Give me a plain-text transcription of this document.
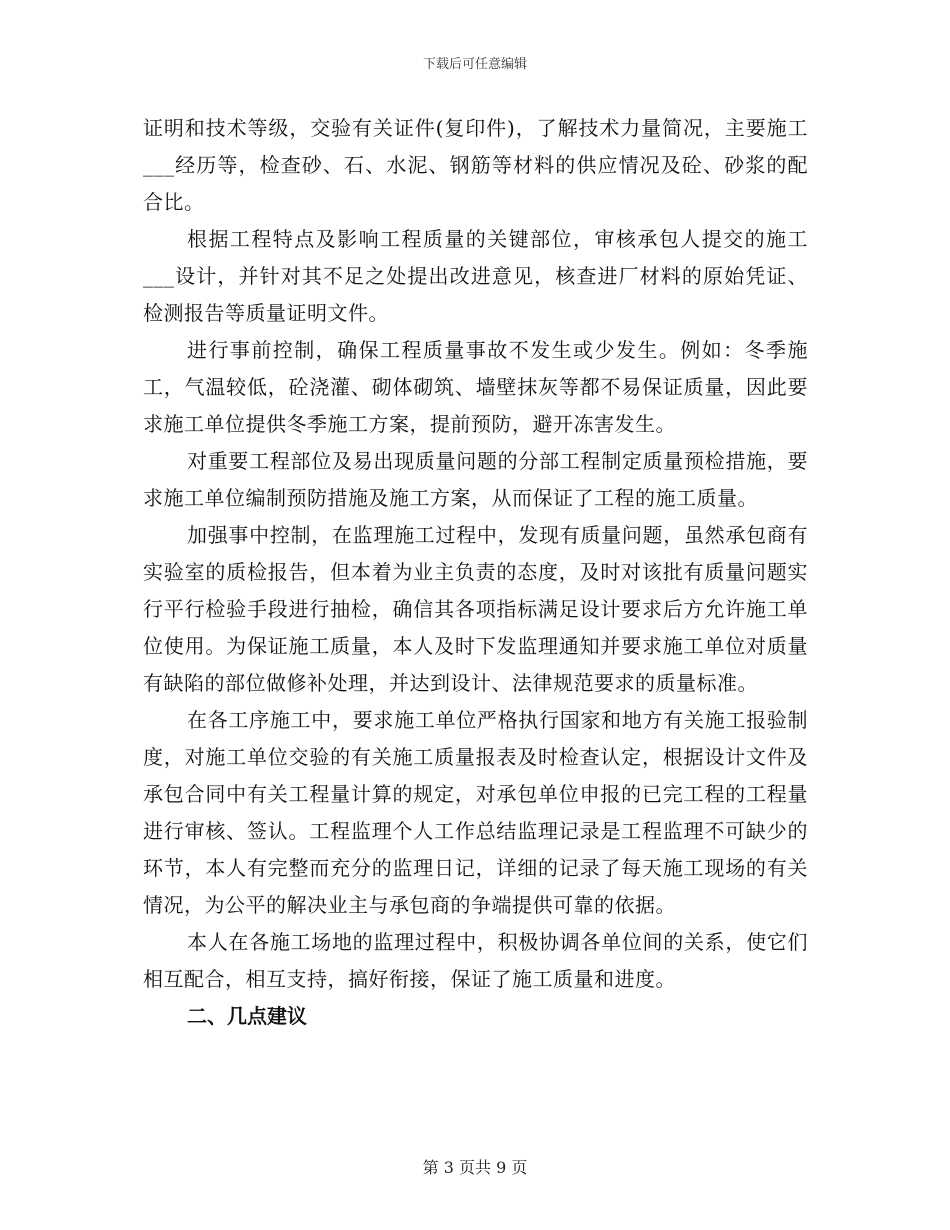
下载后可任意编辑

证明和技术等级，交验有关证件(复印件)，了解技术力量简况，主要施工___经历等，检查砂、石、水泥、钢筋等材料的供应情况及砼、砂浆的配合比。

根据工程特点及影响工程质量的关键部位，审核承包人提交的施工___设计，并针对其不足之处提出改进意见，核查进厂材料的原始凭证、检测报告等质量证明文件。

进行事前控制，确保工程质量事故不发生或少发生。例如：冬季施工，气温较低，砼浇灌、砌体砌筑、墙壁抹灰等都不易保证质量，因此要求施工单位提供冬季施工方案，提前预防，避开冻害发生。

对重要工程部位及易出现质量问题的分部工程制定质量预检措施，要求施工单位编制预防措施及施工方案，从而保证了工程的施工质量。

加强事中控制，在监理施工过程中，发现有质量问题，虽然承包商有实验室的质检报告，但本着为业主负责的态度，及时对该批有质量问题实行平行检验手段进行抽检，确信其各项指标满足设计要求后方允许施工单位使用。为保证施工质量，本人及时下发监理通知并要求施工单位对质量有缺陷的部位做修补处理，并达到设计、法律规范要求的质量标准。

在各工序施工中，要求施工单位严格执行国家和地方有关施工报验制度，对施工单位交验的有关施工质量报表及时检查认定，根据设计文件及承包合同中有关工程量计算的规定，对承包单位申报的已完工程的工程量进行审核、签认。工程监理个人工作总结监理记录是工程监理不可缺少的环节，本人有完整而充分的监理日记，详细的记录了每天施工现场的有关情况，为公平的解决业主与承包商的争端提供可靠的依据。

本人在各施工场地的监理过程中，积极协调各单位间的关系，使它们相互配合，相互支持，搞好衔接，保证了施工质量和进度。

二、几点建议

第 3 页共 9 页
